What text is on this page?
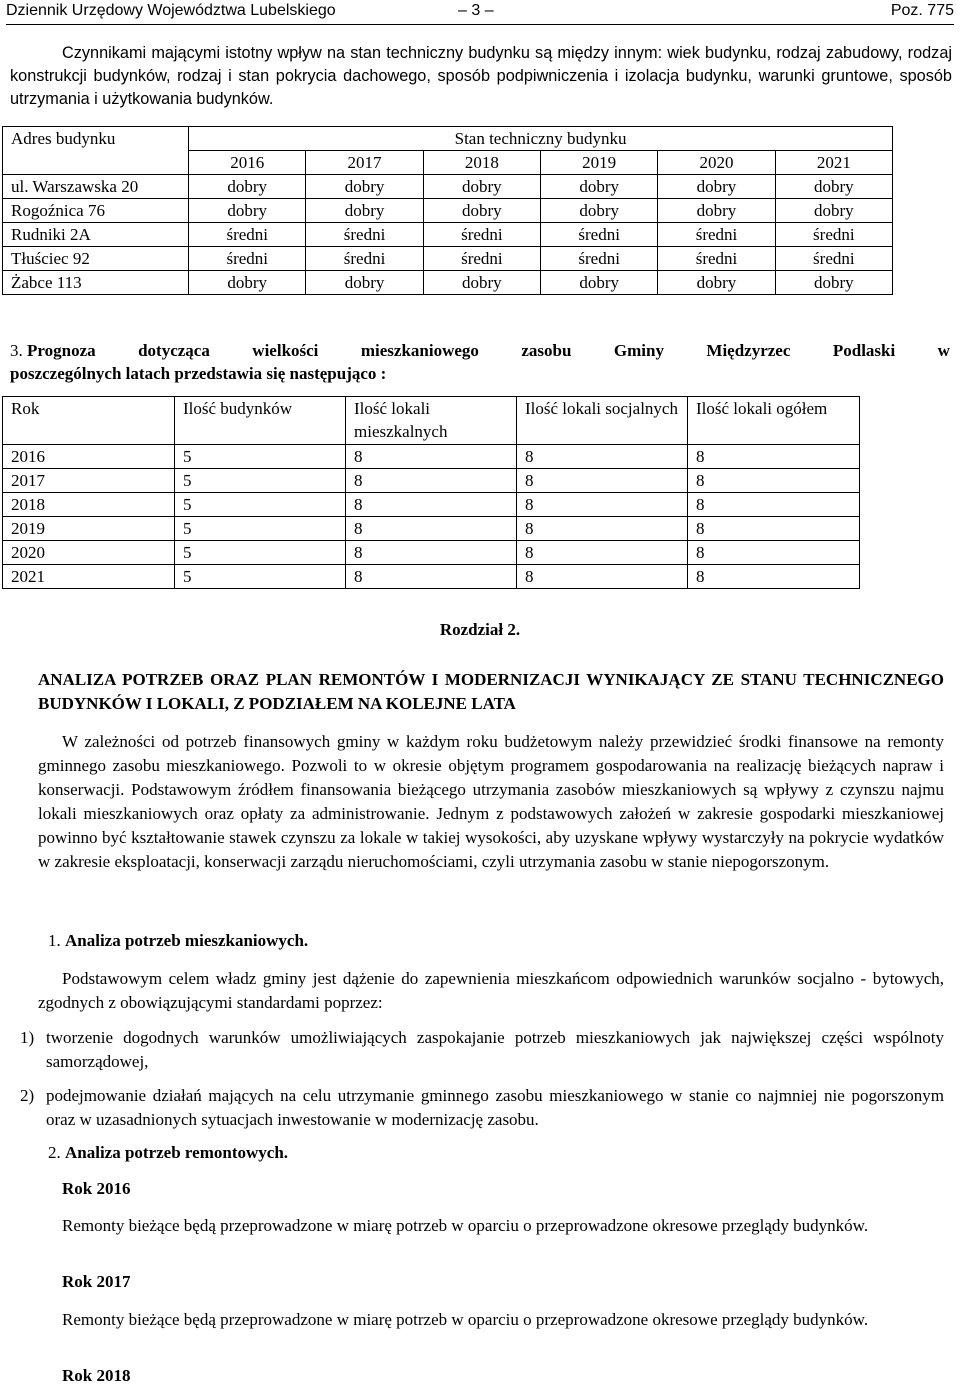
Dziennik Urzędowy Województwa Lubelskiego	– 3 –	Poz. 775
Czynnikami mającymi istotny wpływ na stan techniczny budynku są między innym: wiek budynku, rodzaj zabudowy, rodzaj konstrukcji budynków, rodzaj i stan pokrycia dachowego, sposób podpiwniczenia i izolacja budynku, warunki gruntowe, sposób utrzymania i użytkowania budynków.
Adres budynku	Stan techniczny budynku					
	2016	2017	2018	2019	2020	2021
ul. Warszawska 20	dobry	dobry	dobry	dobry	dobry	dobry
Rogoźnica 76	dobry	dobry	dobry	dobry	dobry	dobry
Rudniki 2A	średni	średni	średni	średni	średni	średni
Tłuściec 92	średni	średni	średni	średni	średni	średni
Żabce 113	dobry	dobry	dobry	dobry	dobry	dobry
3. Prognoza dotycząca wielkości mieszkaniowego zasobu Gminy Międzyrzec Podlaski w
poszczególnych latach przedstawia się następująco :
Rok	Ilość budynków	Ilość lokali mieszkalnych	Ilość lokali socjalnych	Ilość lokali ogółem
2016	5	8	8	8
2017	5	8	8	8
2018	5	8	8	8
2019	5	8	8	8
2020	5	8	8	8
2021	5	8	8	8
Rozdział 2.
ANALIZA POTRZEB ORAZ PLAN REMONTÓW I MODERNIZACJI WYNIKAJĄCY ZE STANU TECHNICZNEGO BUDYNKÓW I LOKALI, Z PODZIAŁEM NA KOLEJNE LATA
W zależności od potrzeb finansowych gminy w każdym roku budżetowym należy przewidzieć środki finansowe na remonty gminnego zasobu mieszkaniowego. Pozwoli to w okresie objętym programem gospodarowania na realizację bieżących napraw i konserwacji. Podstawowym źródłem finansowania bieżącego utrzymania zasobów mieszkaniowych są wpływy z czynszu najmu lokali mieszkaniowych oraz opłaty za administrowanie. Jednym z podstawowych założeń w zakresie gospodarki mieszkaniowej powinno być kształtowanie stawek czynszu za lokale w takiej wysokości, aby uzyskane wpływy wystarczyły na pokrycie wydatków w zakresie eksploatacji, konserwacji zarządu nieruchomościami, czyli utrzymania zasobu w stanie niepogorszonym.
1. Analiza potrzeb mieszkaniowych.
Podstawowym celem władz gminy jest dążenie do zapewnienia mieszkańcom odpowiednich warunków socjalno - bytowych, zgodnych z obowiązującymi standardami poprzez:
1) tworzenie dogodnych warunków umożliwiających zaspokajanie potrzeb mieszkaniowych jak największej części wspólnoty samorządowej,
2) podejmowanie działań mających na celu utrzymanie gminnego zasobu mieszkaniowego w stanie co najmniej nie pogorszonym oraz w uzasadnionych sytuacjach inwestowanie w modernizację zasobu.
2. Analiza potrzeb remontowych.
Rok 2016
Remonty bieżące będą przeprowadzone w miarę potrzeb w oparciu o przeprowadzone okresowe przeglądy budynków.
Rok 2017
Remonty bieżące będą przeprowadzone w miarę potrzeb w oparciu o przeprowadzone okresowe przeglądy budynków.
Rok 2018
